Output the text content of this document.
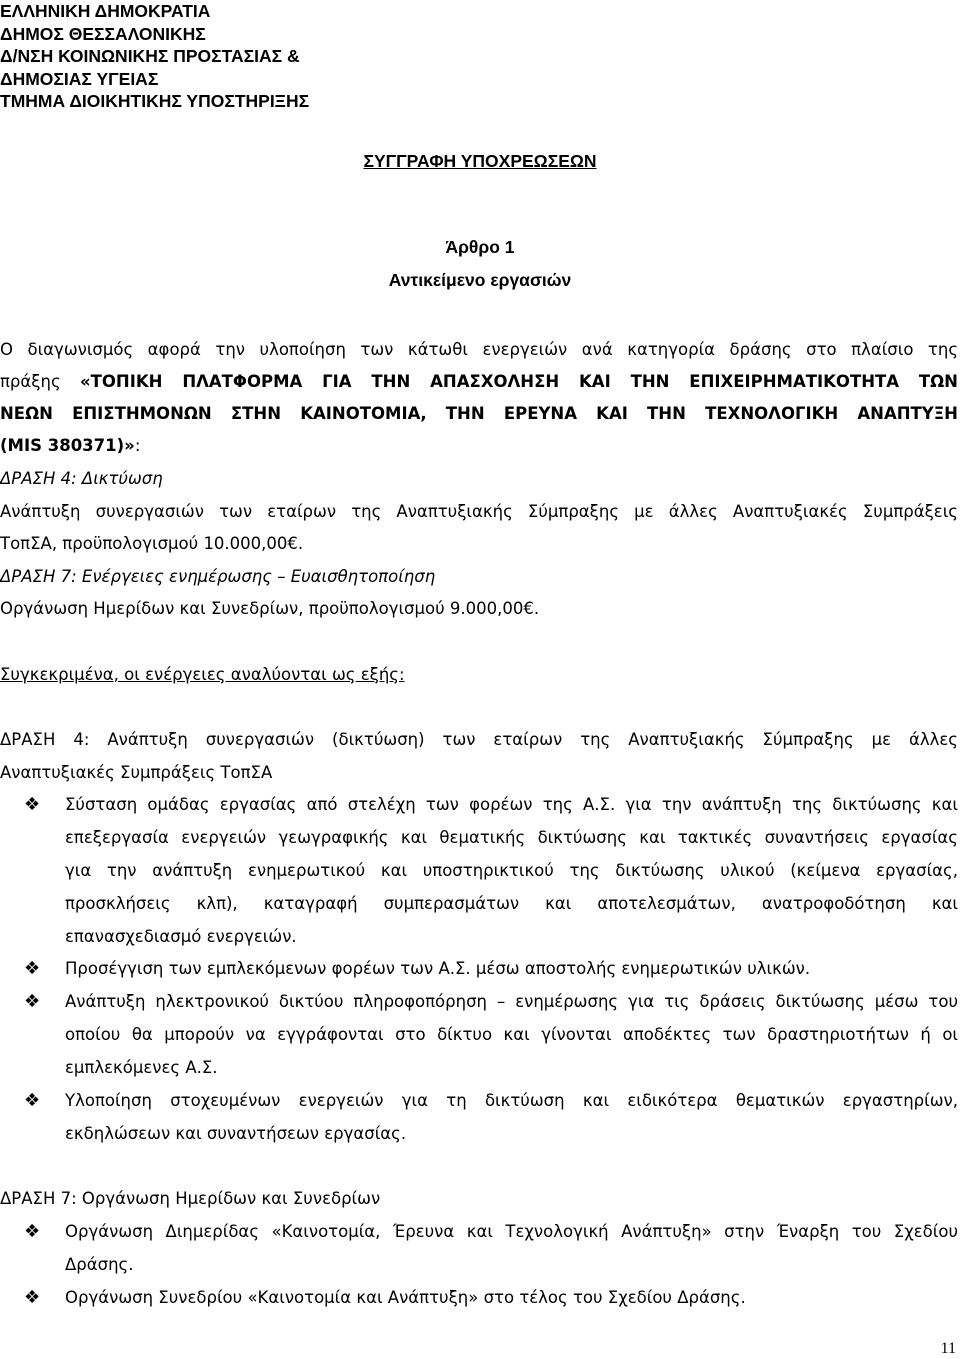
ΕΛΛΗΝΙΚΗ ΔΗΜΟΚΡΑΤΙΑ
ΔΗΜΟΣ ΘΕΣΣΑΛΟΝΙΚΗΣ
Δ/ΝΣΗ ΚΟΙΝΩΝΙΚΗΣ ΠΡΟΣΤΑΣΙΑΣ &
ΔΗΜΟΣΙΑΣ ΥΓΕΙΑΣ
ΤΜΗΜΑ ΔΙΟΙΚΗΤΙΚΗΣ ΥΠΟΣΤΗΡΙΞΗΣ
ΣΥΓΓΡΑΦΗ ΥΠΟΧΡΕΩΣΕΩΝ
Άρθρο 1
Αντικείμενο εργασιών
Ο διαγωνισμός αφορά την υλοποίηση των κάτωθι ενεργειών ανά κατηγορία δράσης στο πλαίσιο της
πράξης «ΤΟΠΙΚΗ ΠΛΑΤΦΟΡΜΑ ΓΙΑ ΤΗΝ ΑΠΑΣΧΟΛΗΣΗ ΚΑΙ ΤΗΝ ΕΠΙΧΕΙΡΗΜΑΤΙΚΟΤΗΤΑ ΤΩΝ
ΝΕΩΝ ΕΠΙΣΤΗΜΟΝΩΝ ΣΤΗΝ ΚΑΙΝΟΤΟΜΙΑ, ΤΗΝ ΕΡΕΥΝΑ ΚΑΙ ΤΗΝ ΤΕΧΝΟΛΟΓΙΚΗ ΑΝΑΠΤΥΞΗ
(MIS 380371)»:
ΔΡΑΣΗ 4: Δικτύωση
Ανάπτυξη συνεργασιών των εταίρων της Αναπτυξιακής Σύμπραξης με άλλες Αναπτυξιακές Συμπράξεις
ΤοπΣΑ, προϋπολογισμού 10.000,00€.
ΔΡΑΣΗ 7: Ενέργειες ενημέρωσης – Ευαισθητοποίηση
Οργάνωση Ημερίδων και Συνεδρίων, προϋπολογισμού 9.000,00€.
Συγκεκριμένα, οι ενέργειες αναλύονται ως εξής:
ΔΡΑΣΗ 4: Ανάπτυξη συνεργασιών (δικτύωση) των εταίρων της Αναπτυξιακής Σύμπραξης με άλλες
Αναπτυξιακές Συμπράξεις ΤοπΣΑ
❖ Σύσταση ομάδας εργασίας από στελέχη των φορέων της Α.Σ. για την ανάπτυξη της δικτύωσης και
επεξεργασία ενεργειών γεωγραφικής και θεματικής δικτύωσης και τακτικές συναντήσεις εργασίας
για την ανάπτυξη ενημερωτικού και υποστηρικτικού της δικτύωσης υλικού (κείμενα εργασίας,
προσκλήσεις κλπ), καταγραφή συμπερασμάτων και αποτελεσμάτων, ανατροφοδότηση και
επανασχεδιασμό ενεργειών.
❖ Προσέγγιση των εμπλεκόμενων φορέων των Α.Σ. μέσω αποστολής ενημερωτικών υλικών.
❖ Ανάπτυξη ηλεκτρονικού δικτύου πληροφοπόρηση – ενημέρωσης για τις δράσεις δικτύωσης μέσω του
οποίου θα μπορούν να εγγράφονται στο δίκτυο και γίνονται αποδέκτες των δραστηριοτήτων ή οι
εμπλεκόμενες Α.Σ.
❖ Υλοποίηση στοχευμένων ενεργειών για τη δικτύωση και ειδικότερα θεματικών εργαστηρίων,
εκδηλώσεων και συναντήσεων εργασίας.
ΔΡΑΣΗ 7: Οργάνωση Ημερίδων και Συνεδρίων
❖ Οργάνωση Διημερίδας «Καινοτομία, Έρευνα και Τεχνολογική Ανάπτυξη» στην Έναρξη του Σχεδίου
Δράσης.
❖ Οργάνωση Συνεδρίου «Καινοτομία και Ανάπτυξη» στο τέλος του Σχεδίου Δράσης.
11
